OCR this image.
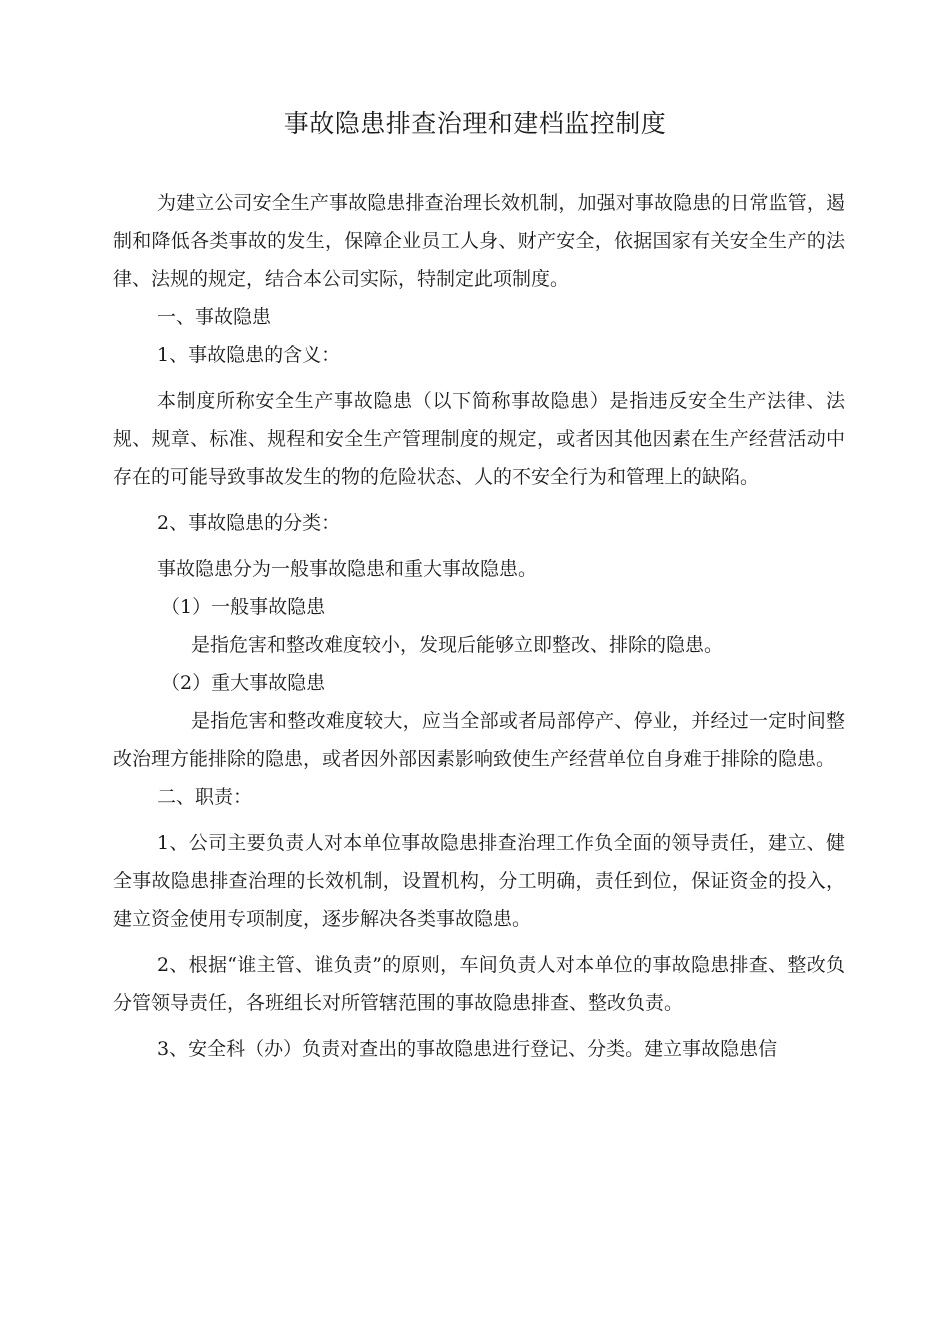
事故隐患排查治理和建档监控制度

为建立公司安全生产事故隐患排查治理长效机制，加强对事故隐患的日常监管，遏制和降低各类事故的发生，保障企业员工人身、财产安全，依据国家有关安全生产的法律、法规的规定，结合本公司实际，特制定此项制度。

一、事故隐患

1、事故隐患的含义：

本制度所称安全生产事故隐患（以下简称事故隐患）是指违反安全生产法律、法规、规章、标准、规程和安全生产管理制度的规定，或者因其他因素在生产经营活动中存在的可能导致事故发生的物的危险状态、人的不安全行为和管理上的缺陷。

2、事故隐患的分类：

事故隐患分为一般事故隐患和重大事故隐患。

（1）一般事故隐患

是指危害和整改难度较小，发现后能够立即整改、排除的隐患。

（2）重大事故隐患

是指危害和整改难度较大，应当全部或者局部停产、停业，并经过一定时间整改治理方能排除的隐患，或者因外部因素影响致使生产经营单位自身难于排除的隐患。

二、职责：

1、公司主要负责人对本单位事故隐患排查治理工作负全面的领导责任，建立、健全事故隐患排查治理的长效机制，设置机构，分工明确，责任到位，保证资金的投入，建立资金使用专项制度，逐步解决各类事故隐患。

2、根据“谁主管、谁负责”的原则，车间负责人对本单位的事故隐患排查、整改负分管领导责任，各班组长对所管辖范围的事故隐患排查、整改负责。

3、安全科（办）负责对查出的事故隐患进行登记、分类。建立事故隐患信
